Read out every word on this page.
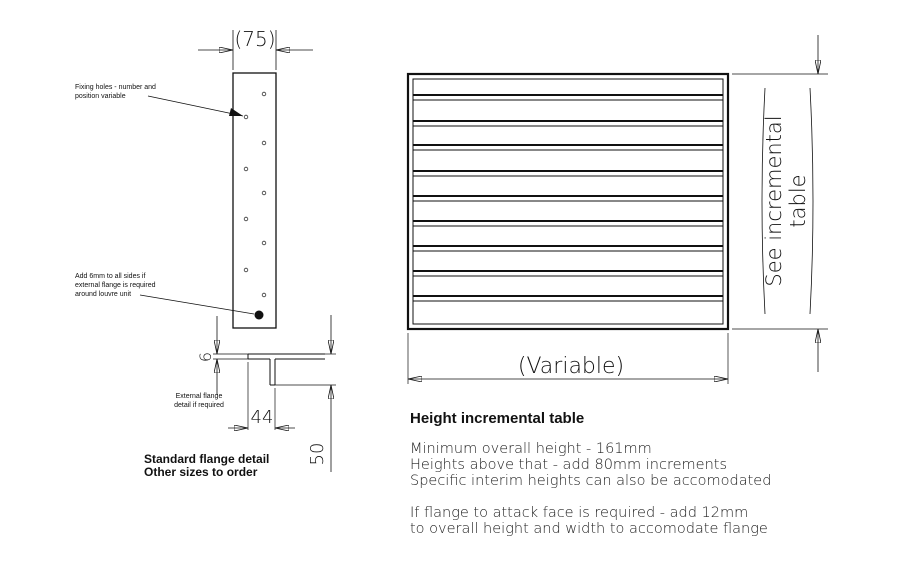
(75)
Fixing holes - number and
position variable
Add 6mm to all sides if
external flange is required
around louvre unit
6
50
44
External flange
detail if required
See incremental table
(Variable)
Standard flange detail
Other sizes to order
Height incremental table

Minimum overall height - 161mm

Heights above that - add 80mm increments

Specific interim heights can also be accomodated

If flange to attack face is required - add 12mm

to overall height and width to accomodate flange
